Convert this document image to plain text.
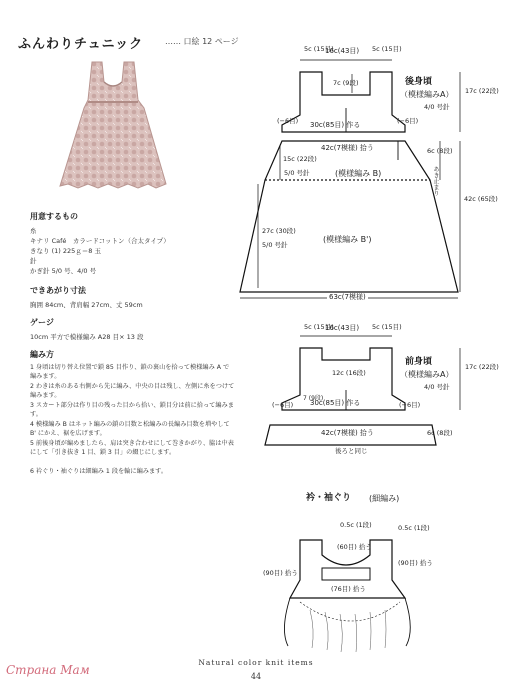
ふんわりチュニック	…… 口絵 12 ページ
用意するもの
糸
キナリ Café　カラードコットン（合太タイプ）
きなり (1) 225ｇ＝8 玉
針
かぎ針 5/0 号、4/0 号
できあがり寸法
胸囲 84cm、背肩幅 27cm、丈 59cm
ゲージ
10cm 平方で模様編み A28 目× 13 段
編み方
1 身頃は切り替え位置で鎖 85 目作り、鎖の裏山を拾って模様編み A で編みます。
2 わきは糸のある右側から先に編み、中央の目は残し、左側に糸をつけて編みます。
3 スカート部分は作り目の残った目から拾い、鎖目分は前に拾って編みます。
4 模様編み B はネット編みの鎖の目数と松編みの長編み目数を増やして B' にかえ、裾を広げます。
5 前後身頃が編めましたら、肩は突き合わせにして巻きかがり、脇は中表にして「引き抜き 1 目、鎖 3 目」の綴じにします。
6 衿ぐり・袖ぐりは細編み 1 段を輪に編みます。
5c (15目)
16c(43目) 5c (15目)
7c (9段)	後身頃
（模様編みA）
4/0 号針
17c (22段)
(−6目) 30c(85目) 作る	(−6目)
42c(7模様) 拾う	6c (8段)
あき止まり
15c (22段)
5/0 号針	(模様編み B)
27c (30段)
5/0 号針
(模様編み B')
42c (65段)
63c(7模様)
5c (15目)
16c(43目) 5c (15目)
12c (16段)
前身頃
（模様編みA）
4/0 号針
17c (22段)
(−6目) 30c(85目) 作る	(−6目)
7 (9段)
42c(7模様) 拾う
後ろと同じ
6c (8段)
衿・袖ぐり (細編み)
0.5c (1段)	0.5c (1段)
(60目) 拾う
(76目) 拾う
(90目) 拾う
(90目) 拾う
Natural color knit items
44
Страна Мам
